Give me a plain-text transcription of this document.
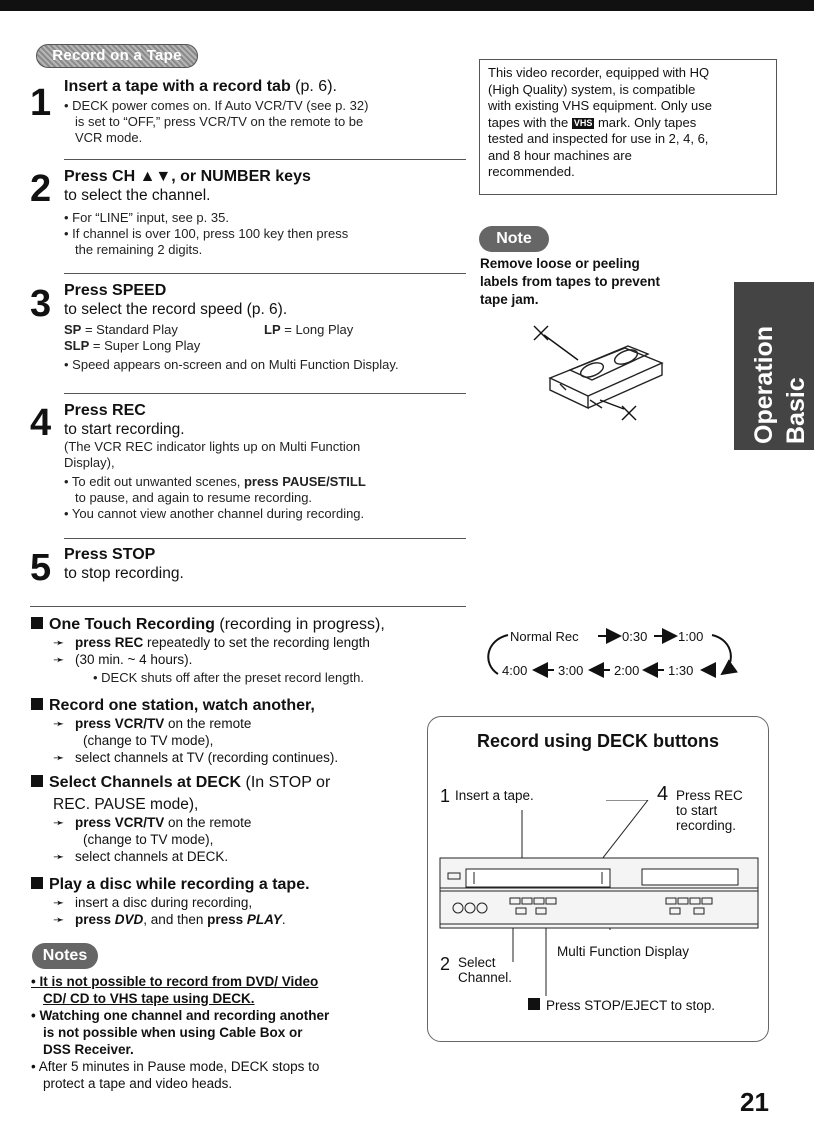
Record on a Tape
1 Insert a tape with a record tab (p. 6).
• DECK power comes on. If Auto VCR/TV (see p. 32)
is set to “OFF,” press VCR/TV on the remote to be
VCR mode.
2 Press CH ▲▼, or NUMBER keys
to select the channel.
• For “LINE” input, see p. 35.
• If channel is over 100, press 100 key then press
the remaining 2 digits.
3 Press SPEED
to select the record speed (p. 6).
SP = Standard Play	LP = Long Play
SLP = Super Long Play
• Speed appears on-screen and on Multi Function Display.
4 Press REC
to start recording.
(The VCR REC indicator lights up on Multi Function
Display),
• To edit out unwanted scenes, press PAUSE/STILL
to pause, and again to resume recording.
• You cannot view another channel during recording.
5 Press STOP
to stop recording.
This video recorder, equipped with HQ
(High Quality) system, is compatible
with existing VHS equipment. Only use
tapes with the VHS mark. Only tapes
tested and inspected for use in 2, 4, 6,
and 8 hour machines are
recommended.
Note
Remove loose or peeling
labels from tapes to prevent
tape jam.
Basic
Operation
One Touch Recording (recording in progress),
➛ press REC repeatedly to set the recording length
➛ (30 min. ~ 4 hours).
• DECK shuts off after the preset record length.
Normal Rec	0:30 1:00
4:00 3:00 2:00 1:30
Record one station, watch another,
➛ press VCR/TV on the remote
(change to TV mode),
➛ select channels at TV (recording continues).
Select Channels at DECK (In STOP or
REC. PAUSE mode),
➛ press VCR/TV on the remote
(change to TV mode),
➛ select channels at DECK.
Play a disc while recording a tape.
➛ insert a disc during recording,
➛ press DVD, and then press PLAY.
Notes
• It is not possible to record from DVD/ Video
CD/ CD to VHS tape using DECK.
• Watching one channel and recording another
is not possible when using Cable Box or
DSS Receiver.
• After 5 minutes in Pause mode, DECK stops to
protect a tape and video heads.
Record using DECK buttons
1 Insert a tape.	4 Press REC
to start
recording.
2 Select
Channel.
Multi Function Display
Press STOP/EJECT to stop.
21
